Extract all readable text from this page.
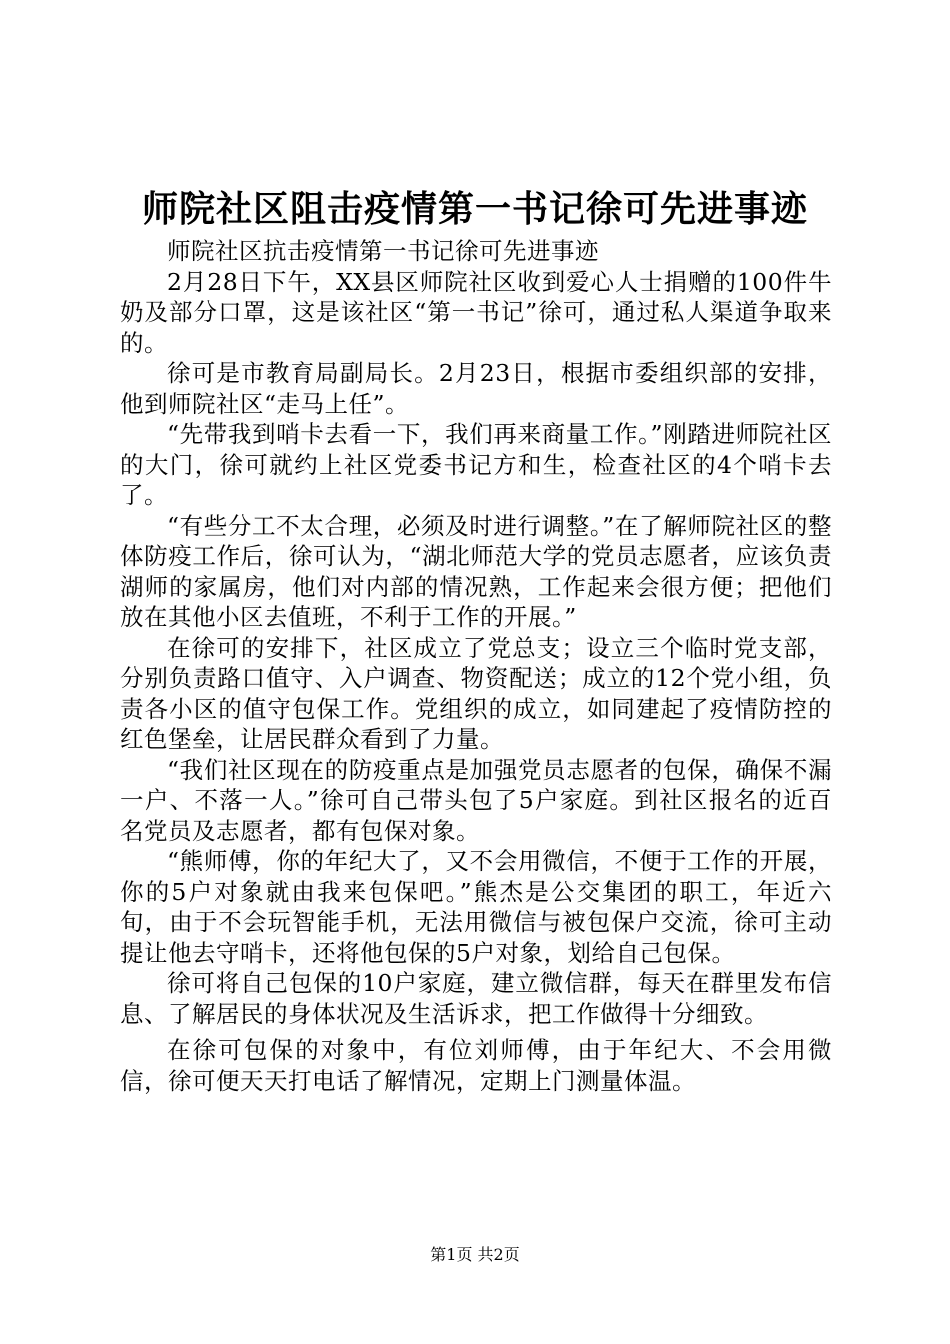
师院社区阻击疫情第一书记徐可先进事迹

师院社区抗击疫情第一书记徐可先进事迹

2月28日下午，XX县区师院社区收到爱心人士捐赠的100件牛奶及部分口罩，这是该社区“第一书记”徐可，通过私人渠道争取来的。

徐可是市教育局副局长。2月23日，根据市委组织部的安排，他到师院社区“走马上任”。

“先带我到哨卡去看一下，我们再来商量工作。”刚踏进师院社区的大门，徐可就约上社区党委书记方和生，检查社区的4个哨卡去了。

“有些分工不太合理，必须及时进行调整。”在了解师院社区的整体防疫工作后，徐可认为，“湖北师范大学的党员志愿者，应该负责湖师的家属房，他们对内部的情况熟，工作起来会很方便；把他们放在其他小区去值班，不利于工作的开展。”

在徐可的安排下，社区成立了党总支；设立三个临时党支部，分别负责路口值守、入户调查、物资配送；成立的12个党小组，负责各小区的值守包保工作。党组织的成立，如同建起了疫情防控的红色堡垒，让居民群众看到了力量。

“我们社区现在的防疫重点是加强党员志愿者的包保，确保不漏一户、不落一人。”徐可自己带头包了5户家庭。到社区报名的近百名党员及志愿者，都有包保对象。

“熊师傅，你的年纪大了，又不会用微信，不便于工作的开展，你的5户对象就由我来包保吧。”熊杰是公交集团的职工，年近六旬，由于不会玩智能手机，无法用微信与被包保户交流，徐可主动提让他去守哨卡，还将他包保的5户对象，划给自己包保。

徐可将自己包保的10户家庭，建立微信群，每天在群里发布信息、了解居民的身体状况及生活诉求，把工作做得十分细致。

在徐可包保的对象中，有位刘师傅，由于年纪大、不会用微信，徐可便天天打电话了解情况，定期上门测量体温。

第1页 共2页
